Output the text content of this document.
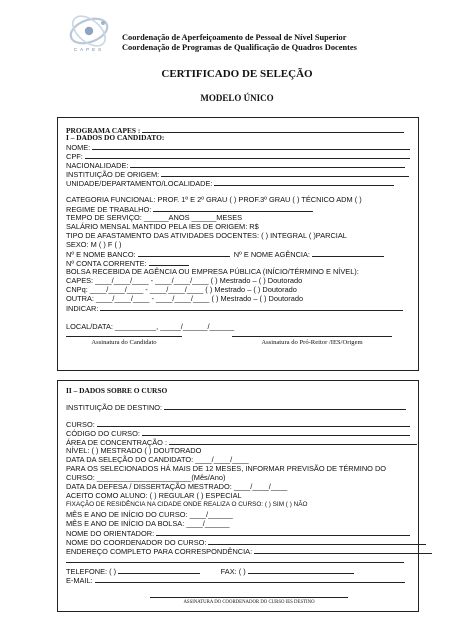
CAPES
Coordenação de Aperfeiçoamento de Pessoal de Nível Superior
Coordenação de Programas de Qualificação de Quadros Docentes
CERTIFICADO DE SELEÇÃO
MODELO ÚNICO
PROGRAMA CAPES :
I – DADOS DO CANDIDATO:
NOME:
CPF:
NACIONALIDADE:
INSTITUIÇÃO DE ORIGEM:
UNIDADE/DEPARTAMENTO/LOCALIDADE:
CATEGORIA FUNCIONAL: PROF. 1º E 2º GRAU ( ) PROF.3º GRAU ( ) TÉCNICO ADM ( )
REGIME DE TRABALHO:
TEMPO DE SERVIÇO: ______ANOS ______MESES
SALÁRIO MENSAL MANTIDO PELA IES DE ORIGEM: R$
TIPO DE AFASTAMENTO DAS ATIVIDADES DOCENTES: ( ) INTEGRAL ( )PARCIAL
SEXO: M ( ) F ( )
Nº E NOME BANCO:	Nº E NOME AGÊNCIA:
Nº CONTA CORRENTE:
BOLSA RECEBIDA DE AGÊNCIA OU EMPRESA PÚBLICA (INÍCIO/TÉRMINO E NÍVEL):
CAPES: ____/____/____ - ____/____/____ ( ) Mestrado – ( ) Doutorado
CNPq: ____/____/____ - ____/____/____ ( ) Mestrado – ( ) Doutorado
OUTRA: ____/____/____ - ____/____/____ ( ) Mestrado – ( ) Doutorado
INDICAR:
LOCAL/DATA: __________, _____/______/______
Assinatura do Candidato	Assinatura do Pró-Reitor /IES/Origem
II – DADOS SOBRE O CURSO
INSTITUIÇÃO DE DESTINO:
CURSO:
CÓDIGO DO CURSO:
ÁREA DE CONCENTRAÇÃO :
NÍVEL: ( ) MESTRADO ( ) DOUTORADO
DATA DA SELEÇÃO DO CANDIDATO: ____/____/____
PARA OS SELECIONADOS HÁ MAIS DE 12 MESES, INFORMAR PREVISÃO DE TÉRMINO DO
CURSO: _______________________(Mês/Ano)
DATA DA DEFESA / DISSERTAÇÃO MESTRADO: ____/____/____
ACEITO COMO ALUNO: ( ) REGULAR ( ) ESPECIAL
FIXAÇÃO DE RESIDÊNCIA NA CIDADE ONDE REALIZA O CURSO: ( ) SIM ( ) NÃO
MÊS E ANO DE INÍCIO DO CURSO: ____/______
MÊS E ANO DE INÍCIO DA BOLSA: ____/______
NOME DO ORIENTADOR:
NOME DO COORDENADOR DO CURSO:
ENDEREÇO COMPLETO PARA CORRESPONDÊNCIA:
TELEFONE: ( )	FAX: ( )
E-MAIL:
ASSINATURA DO COORDENADOR DO CURSO IES DESTINO
